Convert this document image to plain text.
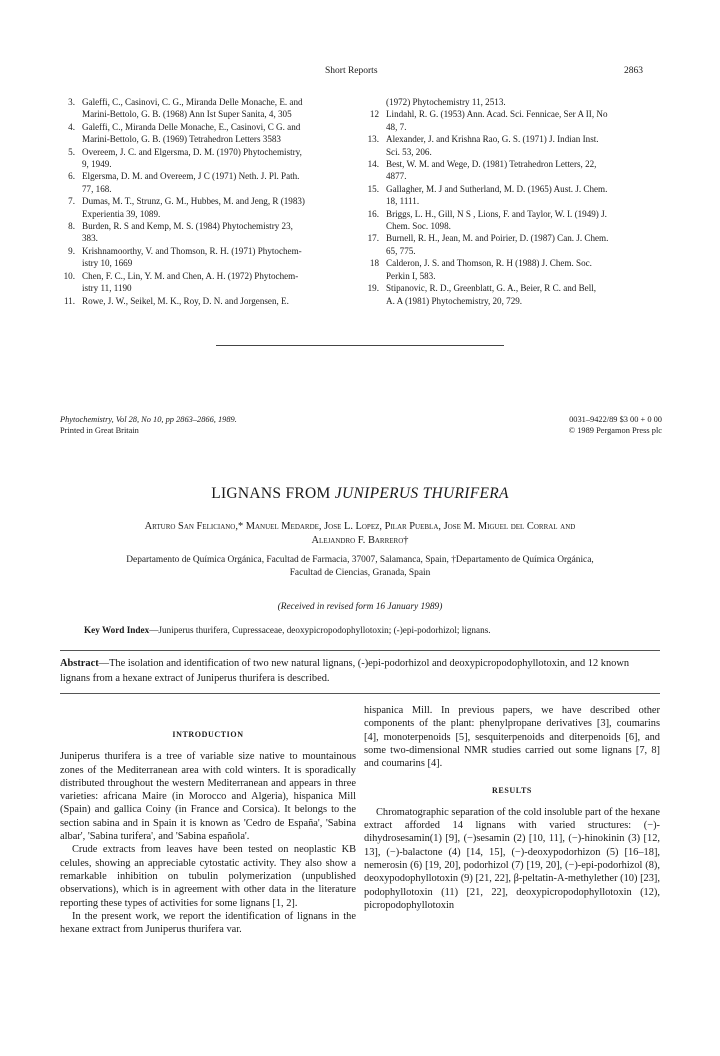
Short Reports	2863
3. Galeffi, C., Casinovi, C. G., Miranda Delle Monache, E. and
Marini-Bettolo, G. B. (1968) Ann Ist Super Sanita, 4, 305
4. Galeffi, C., Miranda Delle Monache, E., Casinovi, C G. and
Marini-Bettolo, G. B. (1969) Tetrahedron Letters 3583
5. Overeem, J. C. and Elgersma, D. M. (1970) Phytochemistry,
9, 1949.
6. Elgersma, D. M. and Overeem, J C (1971) Neth. J. Pl. Path.
77, 168.
7. Dumas, M. T., Strunz, G. M., Hubbes, M. and Jeng, R (1983)
Experientia 39, 1089.
8. Burden, R. S and Kemp, M. S. (1984) Phytochemistry 23,
383.
9. Krishnamoorthy, V. and Thomson, R. H. (1971) Phytochem-
istry 10, 1669
10. Chen, F. C., Lin, Y. M. and Chen, A. H. (1972) Phytochem-
istry 11, 1190
11. Rowe, J. W., Seikel, M. K., Roy, D. N. and Jorgensen, E.
(1972) Phytochemistry 11, 2513.
12 Lindahl, R. G. (1953) Ann. Acad. Sci. Fennicae, Ser A II, No
48, 7.
13. Alexander, J. and Krishna Rao, G. S. (1971) J. Indian Inst.
Sci. 53, 206.
14. Best, W. M. and Wege, D. (1981) Tetrahedron Letters, 22,
4877.
15. Gallagher, M. J and Sutherland, M. D. (1965) Aust. J. Chem.
18, 1111.
16. Briggs, L. H., Gill, N S , Lions, F. and Taylor, W. I. (1949) J.
Chem. Soc. 1098.
17. Burnell, R. H., Jean, M. and Poirier, D. (1987) Can. J. Chem.
65, 775.
18 Calderon, J. S. and Thomson, R. H (1988) J. Chem. Soc.
Perkin I, 583.
19. Stipanovic, R. D., Greenblatt, G. A., Beier, R C. and Bell,
A. A (1981) Phytochemistry, 20, 729.
Phytochemistry, Vol 28, No 10, pp 2863–2866, 1989.
Printed in Great Britain
0031–9422/89 $3 00 + 0 00
© 1989 Pergamon Press plc
LIGNANS FROM JUNIPERUS THURIFERA
Arturo San Feliciano,* Manuel Medarde, Jose L. Lopez, Pilar Puebla, Jose M. Miguel del Corral and
Alejandro F. Barrero†
Departamento de Química Orgánica, Facultad de Farmacia, 37007, Salamanca, Spain, †Departamento de Química Orgánica,
Facultad de Ciencias, Granada, Spain
(Received in revised form 16 January 1989)
Key Word Index—Juniperus thurifera, Cupressaceae, deoxypicropodophyllotoxin; (-)epi-podorhizol; lignans.
Abstract—The isolation and identification of two new natural lignans, (-)epi-podorhizol and deoxypicropodophyllotoxin, and 12 known lignans from a hexane extract of Juniperus thurifera is described.
INTRODUCTION
Juniperus thurifera is a tree of variable size native to mountainous zones of the Mediterranean area with cold winters. It is sporadically distributed throughout the western Mediterranean and appears in three varieties: africana Maire (in Morocco and Algeria), hispanica Mill (Spain) and gallica Coiny (in France and Corsica). It belongs to the section sabina and in Spain it is known as 'Cedro de España', 'Sabina albar', 'Sabina turifera', and 'Sabina española'.
Crude extracts from leaves have been tested on neoplastic KB celules, showing an appreciable cytostatic activity. They also show a remarkable inhibition on tubulin polymerization (unpublished observations), which is in agreement with other data in the literature reporting these types of activities for some lignans [1, 2].
In the present work, we report the identification of lignans in the hexane extract from Juniperus thurifera var.
hispanica Mill. In previous papers, we have described other components of the plant: phenylpropane derivatives [3], coumarins [4], monoterpenoids [5], sesquiterpenoids and diterpenoids [6], and some two-dimensional NMR studies carried out some lignans [7, 8] and coumarins [4].
RESULTS
Chromatographic separation of the cold insoluble part of the hexane extract afforded 14 lignans with varied structures: (−)-dihydrosesamin(1) [9], (−)sesamin (2) [10, 11], (−)-hinokinin (3) [12, 13], (−)-balactone (4) [14, 15], (−)-deoxypodorhizon (5) [16–18], nemerosin (6) [19, 20], podorhizol (7) [19, 20], (−)-epi-podorhizol (8), deoxypodophyllotoxin (9) [21, 22], β-peltatin-A-methylether (10) [23], podophyllotoxin (11) [21, 22], deoxypicropodophyllotoxin (12), picropodophyllotoxin
